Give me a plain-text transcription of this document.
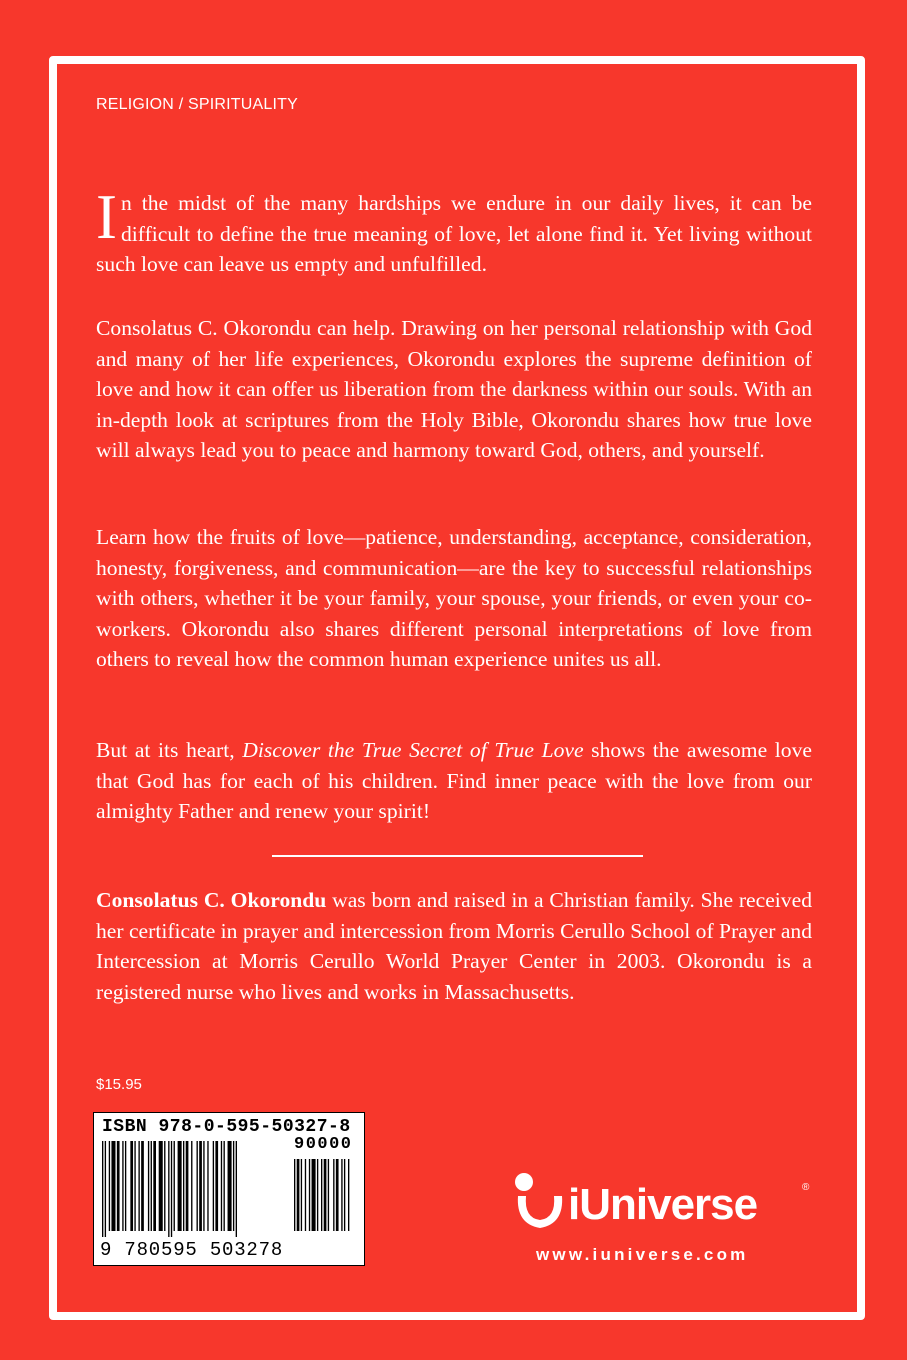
RELIGION / SPIRITUALITY
In the midst of the many hardships we endure in our daily lives, it can be difficult to define the true meaning of love, let alone find it. Yet living without such love can leave us empty and unfulfilled.
Consolatus C. Okorondu can help. Drawing on her personal relationship with God and many of her life experiences, Okorondu explores the supreme definition of love and how it can offer us liberation from the darkness within our souls. With an in-depth look at scriptures from the Holy Bible, Okorondu shares how true love will always lead you to peace and harmony toward God, others, and yourself.
Learn how the fruits of love—patience, understanding, acceptance, consideration, honesty, forgiveness, and communication—are the key to successful relationships with others, whether it be your family, your spouse, your friends, or even your co-workers. Okorondu also shares different personal interpretations of love from others to reveal how the common human experience unites us all.
But at its heart, Discover the True Secret of True Love shows the awesome love that God has for each of his children. Find inner peace with the love from our almighty Father and renew your spirit!
Consolatus C. Okorondu was born and raised in a Christian family. She received her certificate in prayer and intercession from Morris Cerullo School of Prayer and Intercession at Morris Cerullo World Prayer Center in 2003. Okorondu is a registered nurse who lives and works in Massachusetts.
$15.95
ISBN 978-0-595-50327-8
90000
9 780595 503278
iUniverse	®
www.iuniverse.com
